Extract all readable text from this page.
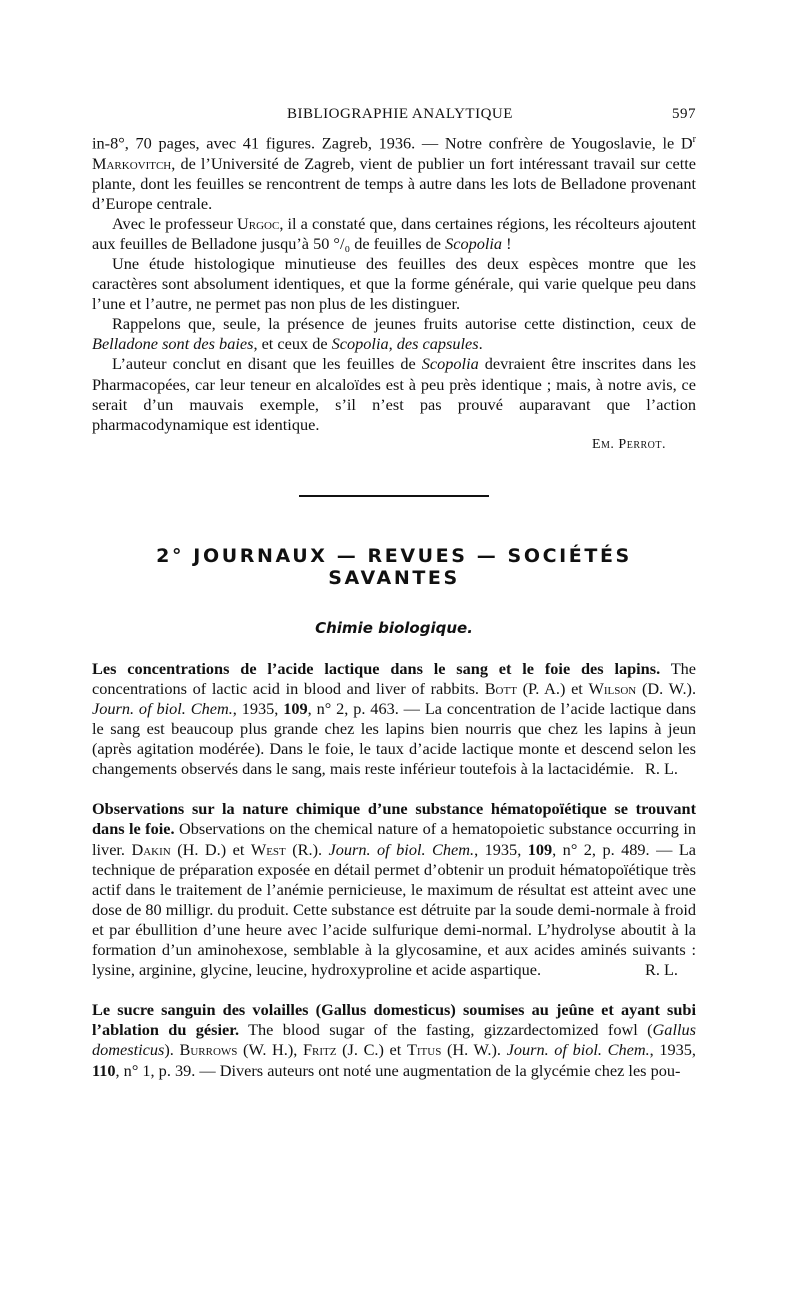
BIBLIOGRAPHIE ANALYTIQUE	597

in-8°, 70 pages, avec 41 figures. Zagreb, 1936. — Notre confrère de Yougoslavie, le $D^r$ Markovitch, de l’Université de Zagreb, vient de publier un fort intéressant travail sur cette plante, dont les feuilles se rencontrent de temps à autre dans les lots de Belladone provenant d’Europe centrale.

Avec le professeur Urgoc, il a constaté que, dans certaines régions, les récolteurs ajoutent aux feuilles de Belladone jusqu’à 50 °/₀ de feuilles de Scopolia !

Une étude histologique minutieuse des feuilles des deux espèces montre que les caractères sont absolument identiques, et que la forme générale, qui varie quelque peu dans l’une et l’autre, ne permet pas non plus de les distinguer.

Rappelons que, seule, la présence de jeunes fruits autorise cette distinction, ceux de Belladone sont des baies, et ceux de Scopolia, des capsules.

L’auteur conclut en disant que les feuilles de Scopolia devraient être inscrites dans les Pharmacopées, car leur teneur en alcaloïdes est à peu près identique ; mais, à notre avis, ce serait d’un mauvais exemple, s’il n’est pas prouvé auparavant que l’action pharmacodynamique est identique.

Em. Perrot.

2° JOURNAUX — REVUES — SOCIÉTÉS SAVANTES
Chimie biologique.

Les concentrations de l’acide lactique dans le sang et le foie des lapins. The concentrations of lactic acid in blood and liver of rabbits. Bott (P. A.) et Wilson (D. W.). Journ. of biol. Chem., 1935, 109, n° 2, p. 463. — La concentration de l’acide lactique dans le sang est beaucoup plus grande chez les lapins bien nourris que chez les lapins à jeun (après agitation modérée). Dans le foie, le taux d’acide lactique monte et descend selon les changements observés dans le sang, mais reste inférieur toutefois à la lactacidémie. R. L.

Observations sur la nature chimique d’une substance hématopoïétique se trouvant dans le foie. Observations on the chemical nature of a hematopoietic substance occurring in liver. Dakin (H. D.) et West (R.). Journ. of biol. Chem., 1935, 109, n° 2, p. 489. — La technique de préparation exposée en détail permet d’obtenir un produit hématopoïétique très actif dans le traitement de l’anémie pernicieuse, le maximum de résultat est atteint avec une dose de 80 milligr. du produit. Cette substance est détruite par la soude demi-normale à froid et par ébullition d’une heure avec l’acide sulfurique demi-normal. L’hydrolyse aboutit à la formation d’un aminohexose, semblable à la glycosamine, et aux acides aminés suivants : lysine, arginine, glycine, leucine, hydroxyproline et acide aspartique.	R. L.

Le sucre sanguin des volailles (Gallus domesticus) soumises au jeûne et ayant subi l’ablation du gésier. The blood sugar of the fasting, gizzardectomized fowl (Gallus domesticus). Burrows (W. H.), Fritz (J. C.) et Titus (H. W.). Journ. of biol. Chem., 1935, 110, n° 1, p. 39. — Divers auteurs ont noté une augmentation de la glycémie chez les pou-
